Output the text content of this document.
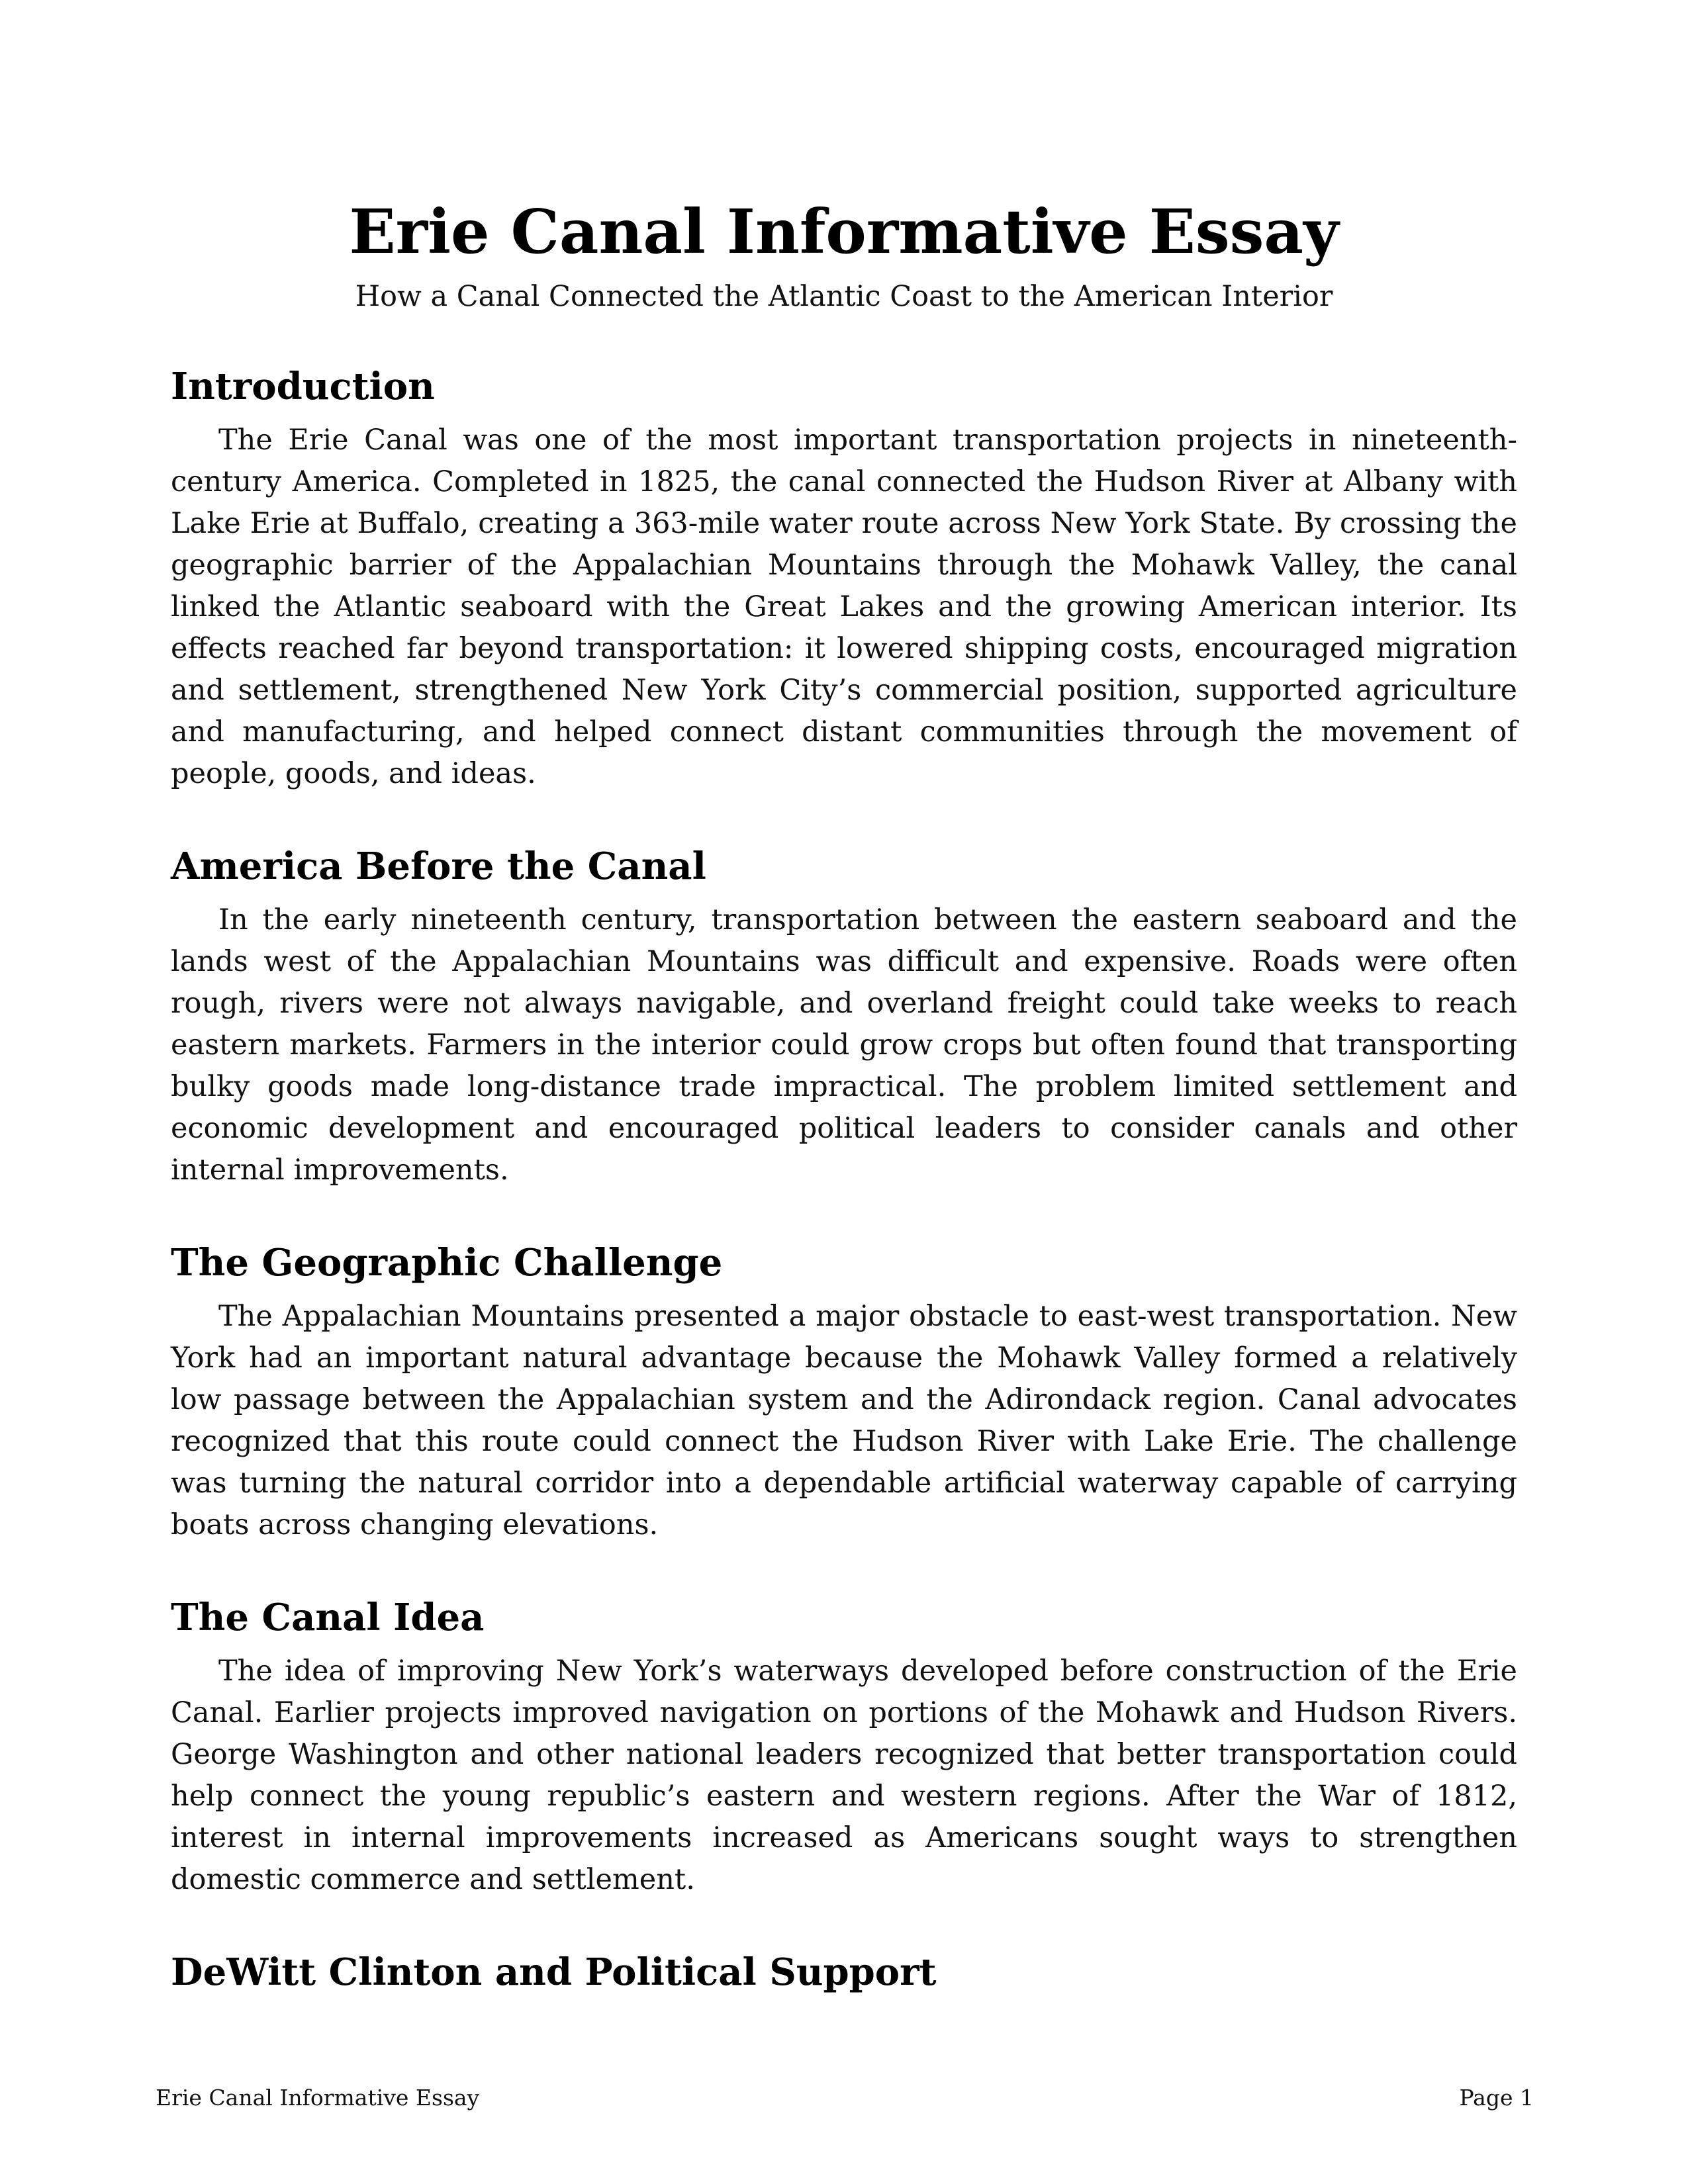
Erie Canal Informative Essay

How a Canal Connected the Atlantic Coast to the American Interior

Introduction

The Erie Canal was one of the most important transportation projects in nineteenth-century America. Completed in 1825, the canal connected the Hudson River at Albany with Lake Erie at Buffalo, creating a 363-mile water route across New York State. By crossing the geographic barrier of the Appalachian Mountains through the Mohawk Valley, the canal linked the Atlantic seaboard with the Great Lakes and the growing American interior. Its effects reached far beyond transportation: it lowered shipping costs, encouraged migration and settlement, strengthened New York City’s commercial position, supported agriculture and manufacturing, and helped connect distant communities through the movement of people, goods, and ideas.

America Before the Canal

In the early nineteenth century, transportation between the eastern seaboard and the lands west of the Appalachian Mountains was difficult and expensive. Roads were often rough, rivers were not always navigable, and overland freight could take weeks to reach eastern markets. Farmers in the interior could grow crops but often found that transporting bulky goods made long-distance trade impractical. The problem limited settlement and economic development and encouraged political leaders to consider canals and other internal improvements.

The Geographic Challenge

The Appalachian Mountains presented a major obstacle to east-west transportation. New York had an important natural advantage because the Mohawk Valley formed a relatively low passage between the Appalachian system and the Adirondack region. Canal advocates recognized that this route could connect the Hudson River with Lake Erie. The challenge was turning the natural corridor into a dependable artificial waterway capable of carrying boats across changing elevations.

The Canal Idea

The idea of improving New York’s waterways developed before construction of the Erie Canal. Earlier projects improved navigation on portions of the Mohawk and Hudson Rivers. George Washington and other national leaders recognized that better transportation could help connect the young republic’s eastern and western regions. After the War of 1812, interest in internal improvements increased as Americans sought ways to strengthen domestic commerce and settlement.

DeWitt Clinton and Political Support
Erie Canal Informative Essay	Page 1
